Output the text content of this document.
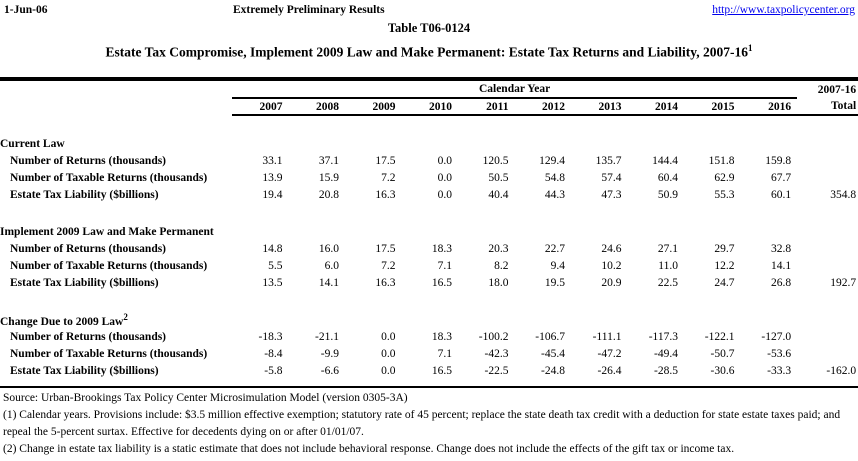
1-Jun-06	Extremely Preliminary Results	http://www.taxpolicycenter.org
Table T06-0124
Estate Tax Compromise, Implement 2009 Law and Make Permanent: Estate Tax Returns and Liability, $2007-16^1$
	Calendar Year										2007-16
	2007	2008	2009	2010	2011	2012	2013	2014	2015	2016	Total

Current Law											
Number of Returns (thousands)	33.1	37.1	17.5	0.0	120.5	129.4	135.7	144.4	151.8	159.8	
Number of Taxable Returns (thousands)	13.9	15.9	7.2	0.0	50.5	54.8	57.4	60.4	62.9	67.7	
Estate Tax Liability ($billions)	19.4	20.8	16.3	0.0	40.4	44.3	47.3	50.9	55.3	60.1	354.8

Implement 2009 Law and Make Permanent											
Number of Returns (thousands)	14.8	16.0	17.5	18.3	20.3	22.7	24.6	27.1	29.7	32.8	
Number of Taxable Returns (thousands)	5.5	6.0	7.2	7.1	8.2	9.4	10.2	11.0	12.2	14.1	
Estate Tax Liability ($billions)	13.5	14.1	16.3	16.5	18.0	19.5	20.9	22.5	24.7	26.8	192.7

Change Due to 2009 Law$^2$
Number of Returns (thousands)	-18.3	-21.1	0.0	18.3	-100.2	-106.7	-111.1	-117.3	-122.1	-127.0	
Number of Taxable Returns (thousands)	-8.4	-9.9	0.0	7.1	-42.3	-45.4	-47.2	-49.4	-50.7	-53.6	
Estate Tax Liability ($billions)	-5.8	-6.6	0.0	16.5	-22.5	-24.8	-26.4	-28.5	-30.6	-33.3	-162.0
Source: Urban-Brookings Tax Policy Center Microsimulation Model (version 0305-3A)
(1) Calendar years. Provisions include: $3.5 million effective exemption; statutory rate of 45 percent; replace the state death tax credit with a deduction for state estate taxes paid; and repeal the 5-percent surtax. Effective for decedents dying on or after 01/01/07.
(2) Change in estate tax liability is a static estimate that does not include behavioral response. Change does not include the effects of the gift tax or income tax.
